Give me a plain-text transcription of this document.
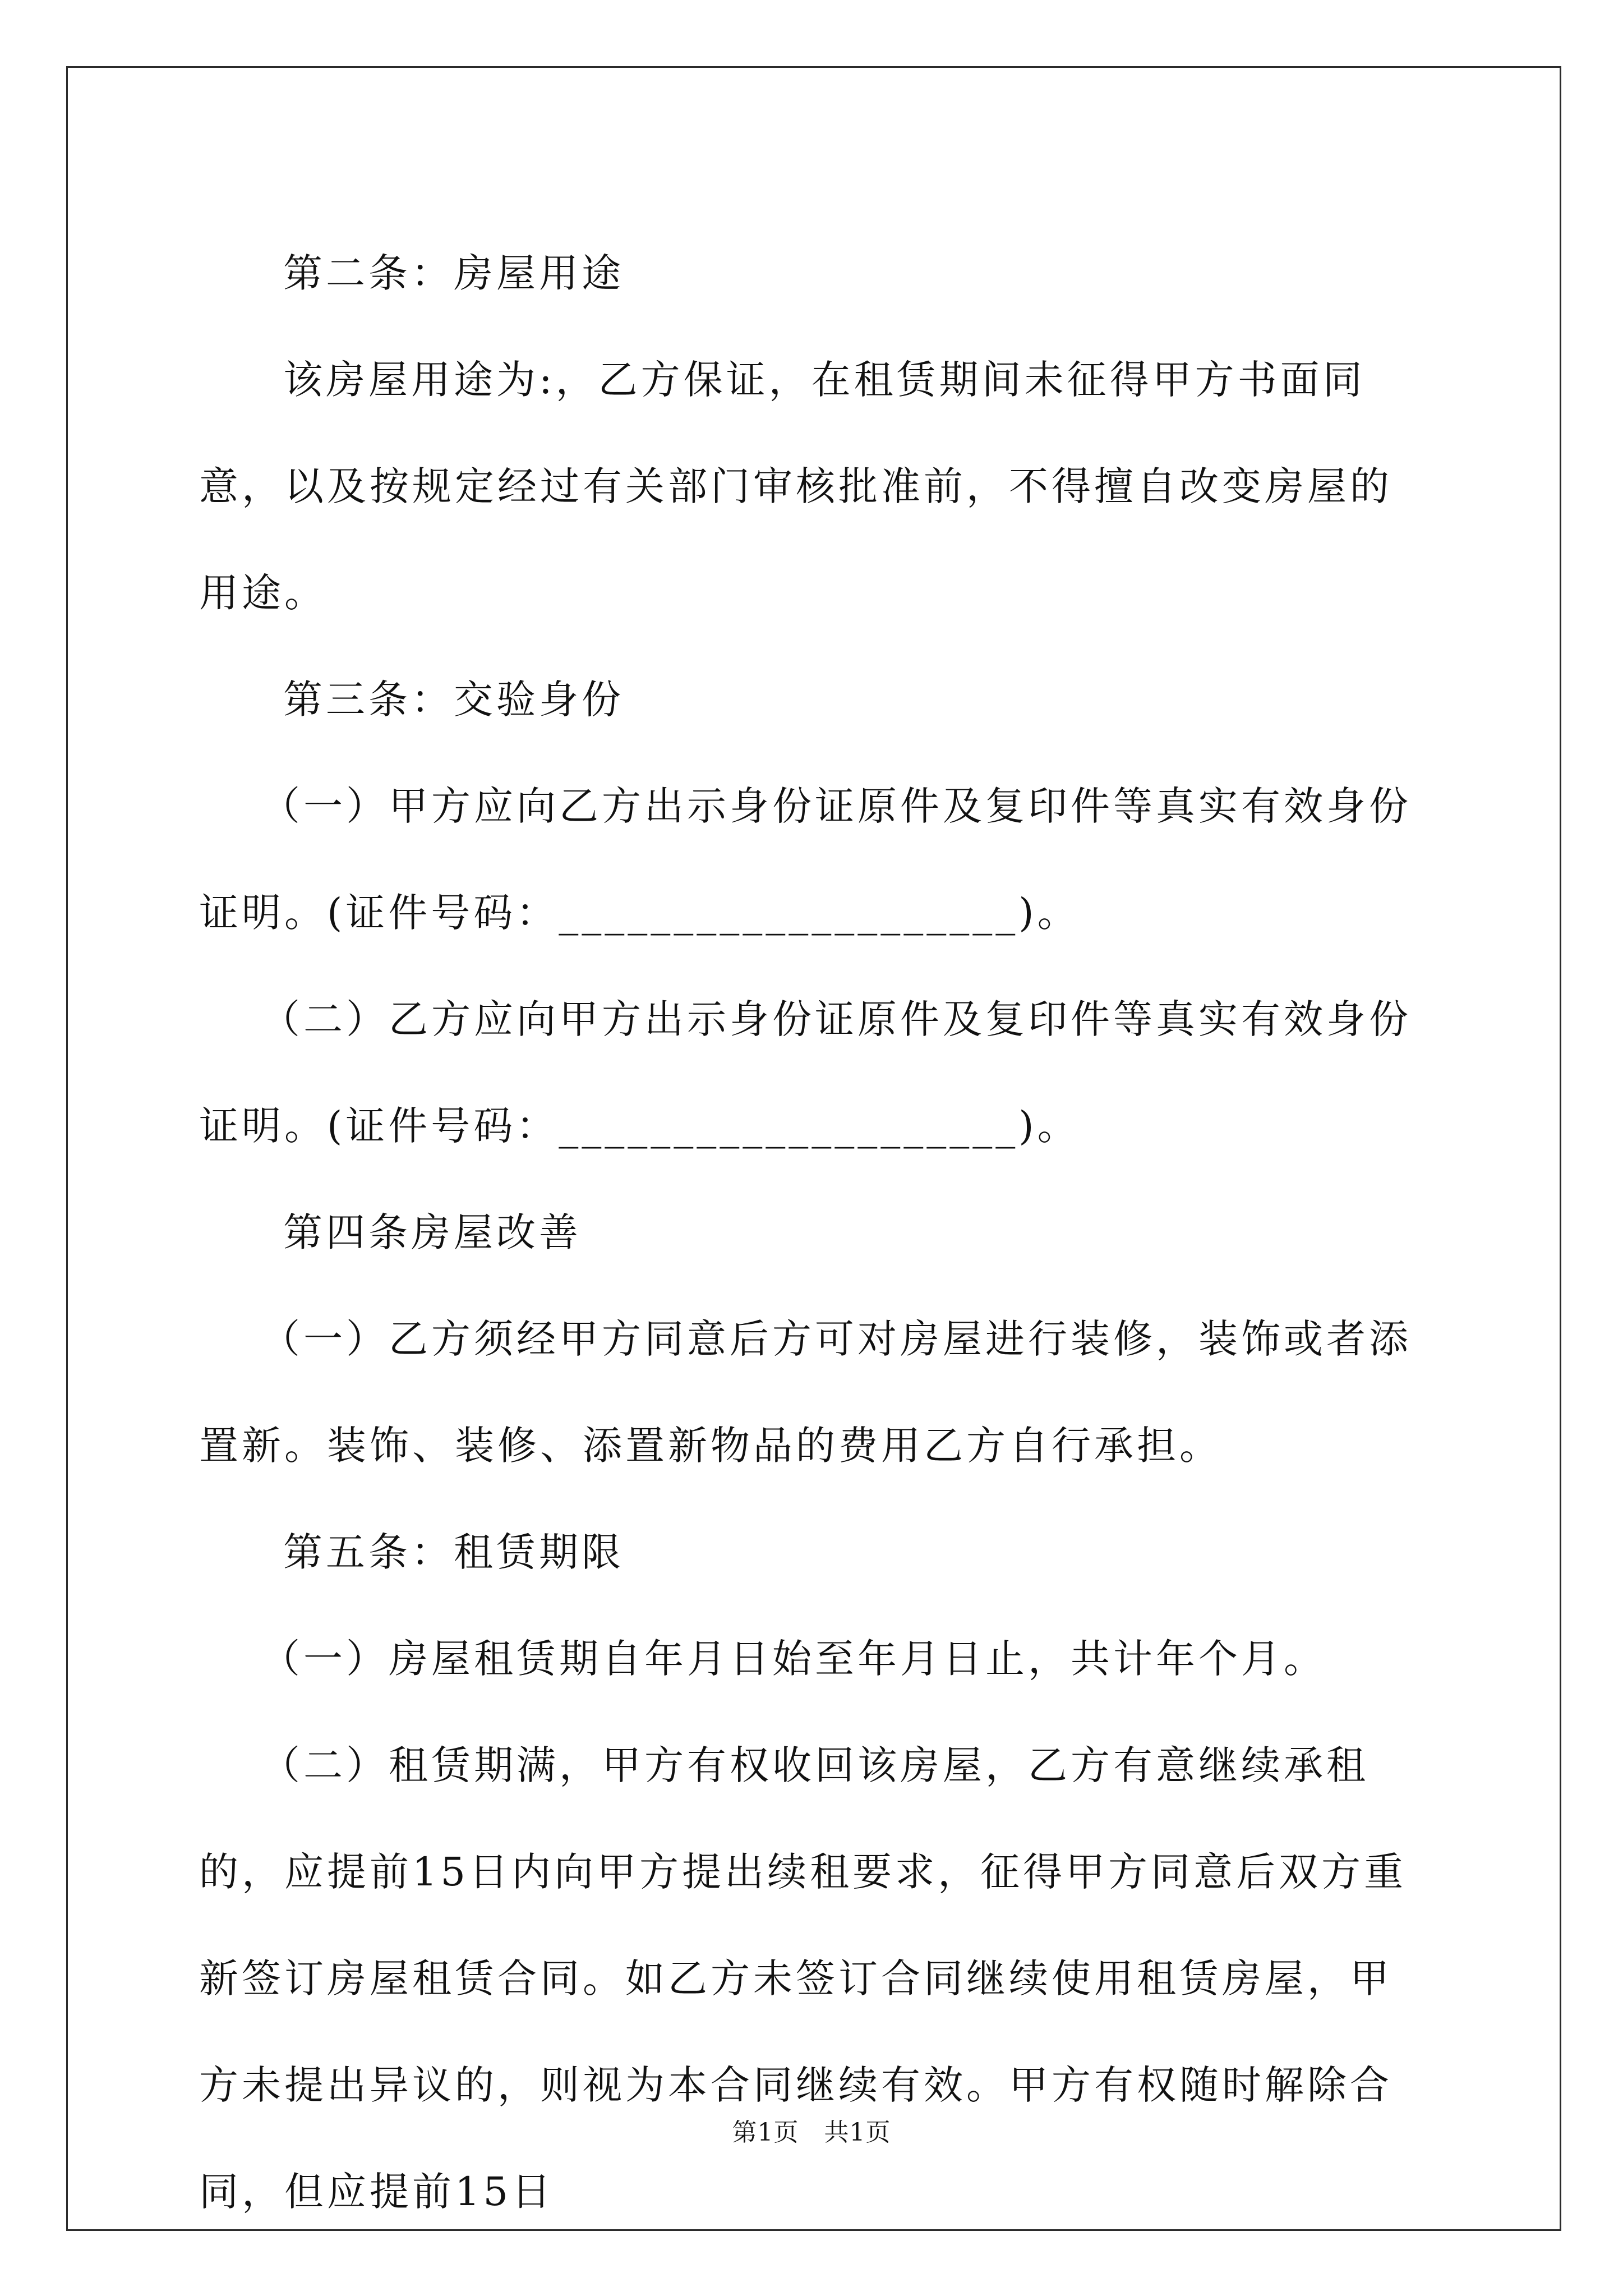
第二条：房屋用途

该房屋用途为:，乙方保证，在租赁期间未征得甲方书面同意，以及按规定经过有关部门审核批准前，不得擅自改变房屋的用途。

第三条：交验身份

（一）甲方应向乙方出示身份证原件及复印件等真实有效身份证明。(证件号码：____________________)。

（二）乙方应向甲方出示身份证原件及复印件等真实有效身份证明。(证件号码：____________________)。

第四条房屋改善

（一）乙方须经甲方同意后方可对房屋进行装修，装饰或者添置新。装饰、装修、添置新物品的费用乙方自行承担。

第五条：租赁期限

（一）房屋租赁期自年月日始至年月日止，共计年个月。

（二）租赁期满，甲方有权收回该房屋，乙方有意继续承租的，应提前15日内向甲方提出续租要求，征得甲方同意后双方重新签订房屋租赁合同。如乙方未签订合同继续使用租赁房屋，甲方未提出异议的，则视为本合同继续有效。甲方有权随时解除合同，但应提前15日

第1页　共1页
